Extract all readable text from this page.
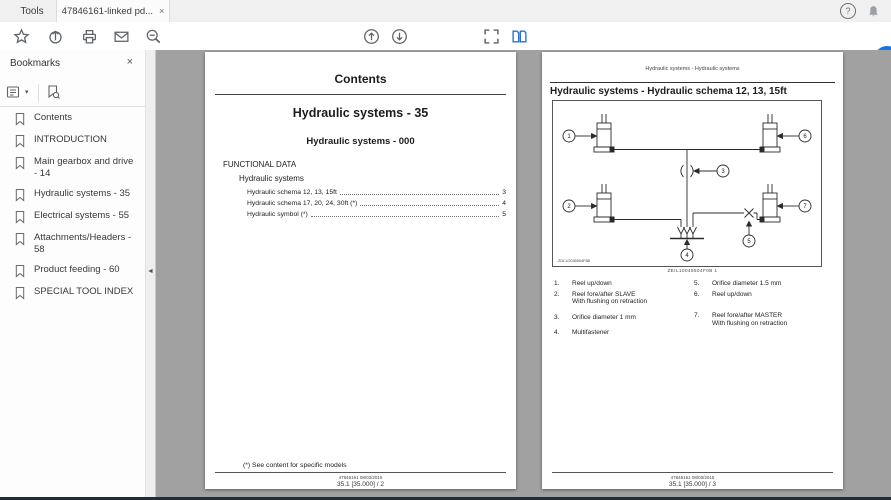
Tools 47846161-linked pd... ×	?
43
Bookmarks	×
▾
Contents
INTRODUCTION
Main gearbox and drive - 14
Hydraulic systems - 35
Electrical systems - 55
Attachments/Headers - 58
Product feeding - 60
SPECIAL TOOL INDEX
◄
Contents
Hydraulic systems - 35
Hydraulic systems - 000
FUNCTIONAL DATA
Hydraulic systems
Hydraulic schema 12, 13, 15ft	3
Hydraulic schema 17, 20, 24, 30ft (*)	4
Hydraulic symbol (*)	5
(*) See content for specific models
47846161 08/03/2015
35.1 [35.000] / 2
Hydraulic systems - Hydraulic systems
Hydraulic systems - Hydraulic schema 12, 13, 15ft
1
2
3
4
5
6
7
ZDL1/2045504F6B
ZEIL10045504F0B 1
1.	Reel up/down
2.	Reel fore/after SLAVE
With flushing on retraction
3.	Orifice diameter 1 mm
4.	Multifastener
5.	Orifice diameter 1.5 mm
6.	Reel up/down
7.	Reel fore/after MASTER
With flushing on retraction
47846161 08/03/2015
35.1 [35.000] / 3
